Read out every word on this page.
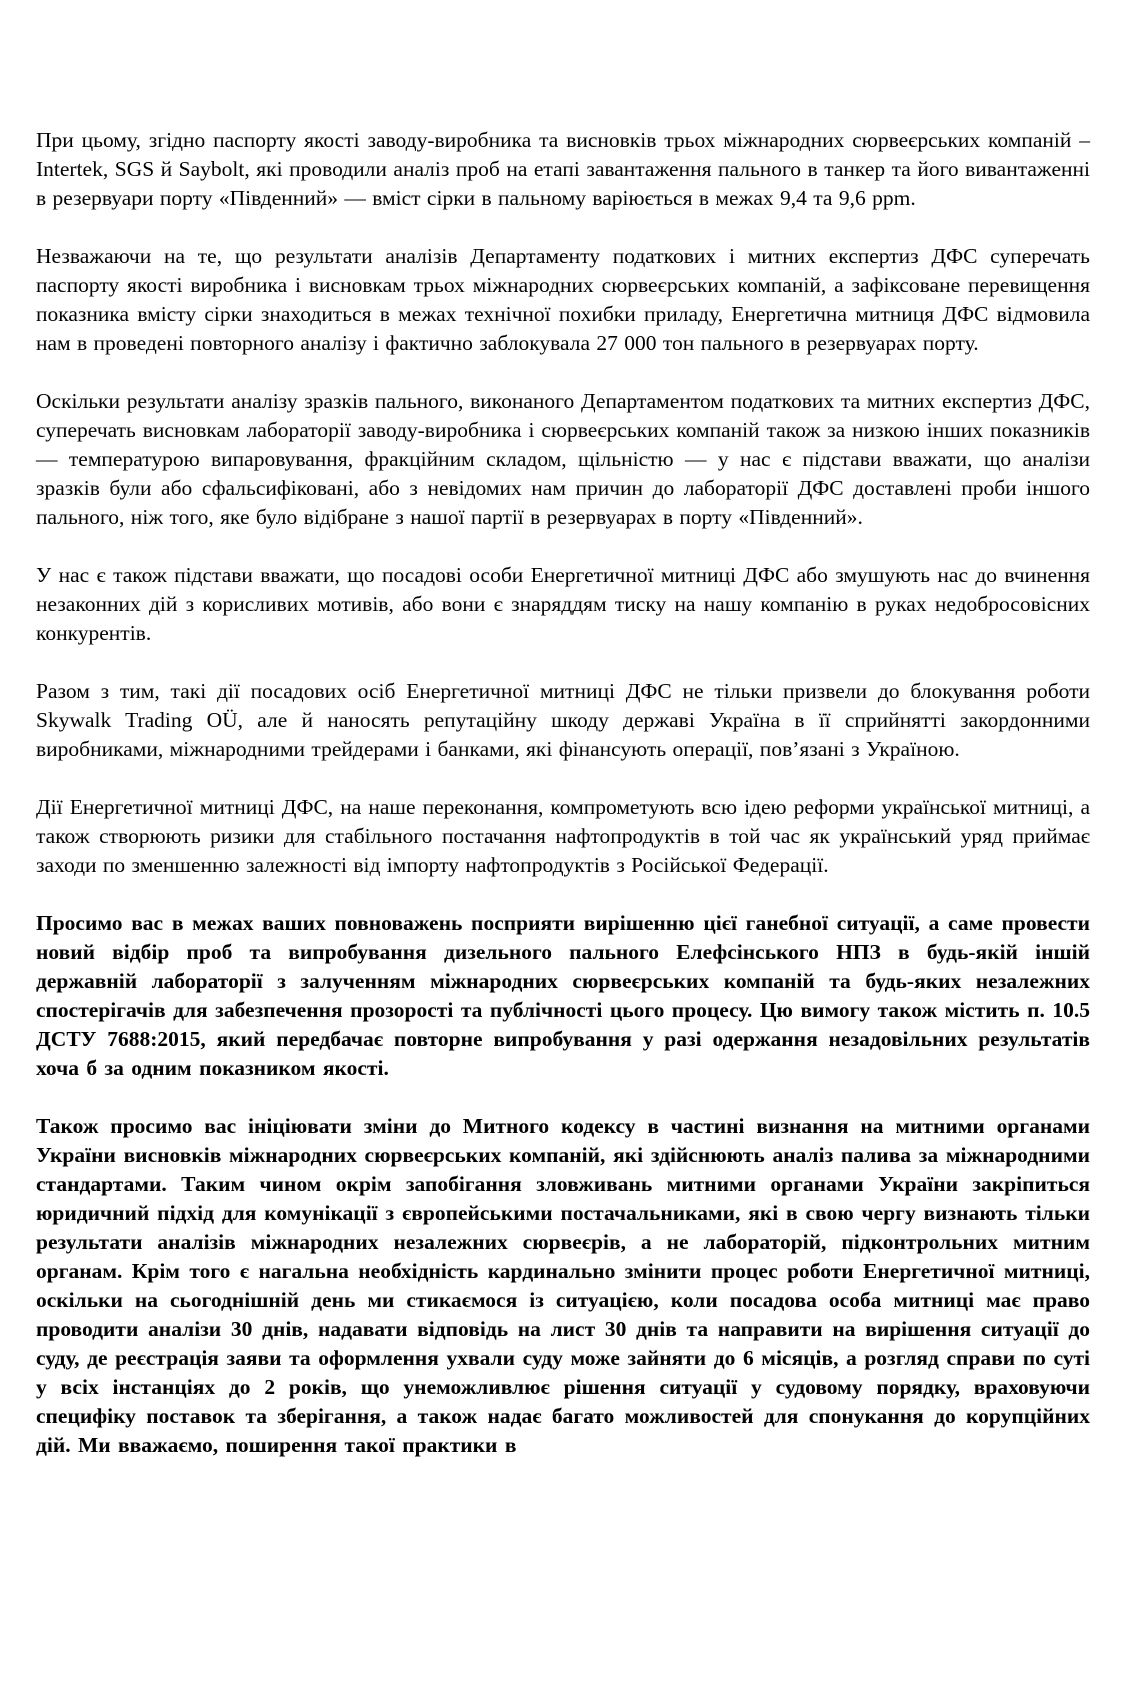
При цьому, згідно паспорту якості заводу-виробника та висновків трьох міжнародних сюрвеєрських компаній – Intertek, SGS й Saybolt, які проводили аналіз проб на етапі завантаження пального в танкер та його вивантаженні в резервуари порту «Південний» — вміст сірки в пальному варіюється в межах 9,4 та 9,6 ppm.

Незважаючи на те, що результати аналізів Департаменту податкових і митних експертиз ДФС суперечать паспорту якості виробника і висновкам трьох міжнародних сюрвеєрських компаній, а зафіксоване перевищення показника вмісту сірки знаходиться в межах технічної похибки приладу, Енергетична митниця ДФС відмовила нам в проведені повторного аналізу і фактично заблокувала 27 000 тон пального в резервуарах порту.

Оскільки результати аналізу зразків пального, виконаного Департаментом податкових та митних експертиз ДФС, суперечать висновкам лабораторії заводу-виробника і сюрвеєрських компаній також за низкою інших показників — температурою випаровування, фракційним складом, щільністю — у нас є підстави вважати, що аналізи зразків були або сфальсифіковані, або з невідомих нам причин до лабораторії ДФС доставлені проби іншого пального, ніж того, яке було відібране з нашої партії в резервуарах в порту «Південний».

У нас є також підстави вважати, що посадові особи Енергетичної митниці ДФС або змушують нас до вчинення незаконних дій з корисливих мотивів, або вони є знаряддям тиску на нашу компанію в руках недобросовісних конкурентів.

Разом з тим, такі дії посадових осіб Енергетичної митниці ДФС не тільки призвели до блокування роботи Skywalk Trading OÜ, але й наносять репутаційну шкоду державі Україна в її сприйнятті закордонними виробниками, міжнародними трейдерами і банками, які фінансують операції, пов’язані з Україною.

Дії Енергетичної митниці ДФС, на наше переконання, компрометують всю ідею реформи української митниці, а також створюють ризики для стабільного постачання нафтопродуктів в той час як український уряд приймає заходи по зменшенню залежності від імпорту нафтопродуктів з Російської Федерації.

Просимо вас в межах ваших повноважень посприяти вирішенню цієї ганебної ситуації, а саме провести новий відбір проб та випробування дизельного пального Елефсінського НПЗ в будь-якій іншій державній лабораторії з залученням міжнародних сюрвеєрських компаній та будь-яких незалежних спостерігачів для забезпечення прозорості та публічності цього процесу. Цю вимогу також містить п. 10.5 ДСТУ 7688:2015, який передбачає повторне випробування у разі одержання незадовільних результатів хоча б за одним показником якості.

Також просимо вас ініціювати зміни до Митного кодексу в частині визнання на митними органами України висновків міжнародних сюрвеєрських компаній, які здійснюють аналіз палива за міжнародними стандартами. Таким чином окрім запобігання зловживань митними органами України закріпиться юридичний підхід для комунікації з європейськими постачальниками, які в свою чергу визнають тільки результати аналізів міжнародних незалежних сюрвеєрів, а не лабораторій, підконтрольних митним органам. Крім того є нагальна необхідність кардинально змінити процес роботи Енергетичної митниці, оскільки на сьогоднішній день ми стикаємося із ситуацією, коли посадова особа митниці має право проводити аналізи 30 днів, надавати відповідь на лист 30 днів та направити на вирішення ситуації до суду, де реєстрація заяви та оформлення ухвали суду може зайняти до 6 місяців, а розгляд справи по суті у всіх інстанціях до 2 років, що унеможливлює рішення ситуації у судовому порядку, враховуючи специфіку поставок та зберігання, а також надає багато можливостей для спонукання до корупційних дій. Ми вважаємо, поширення такої практики в
